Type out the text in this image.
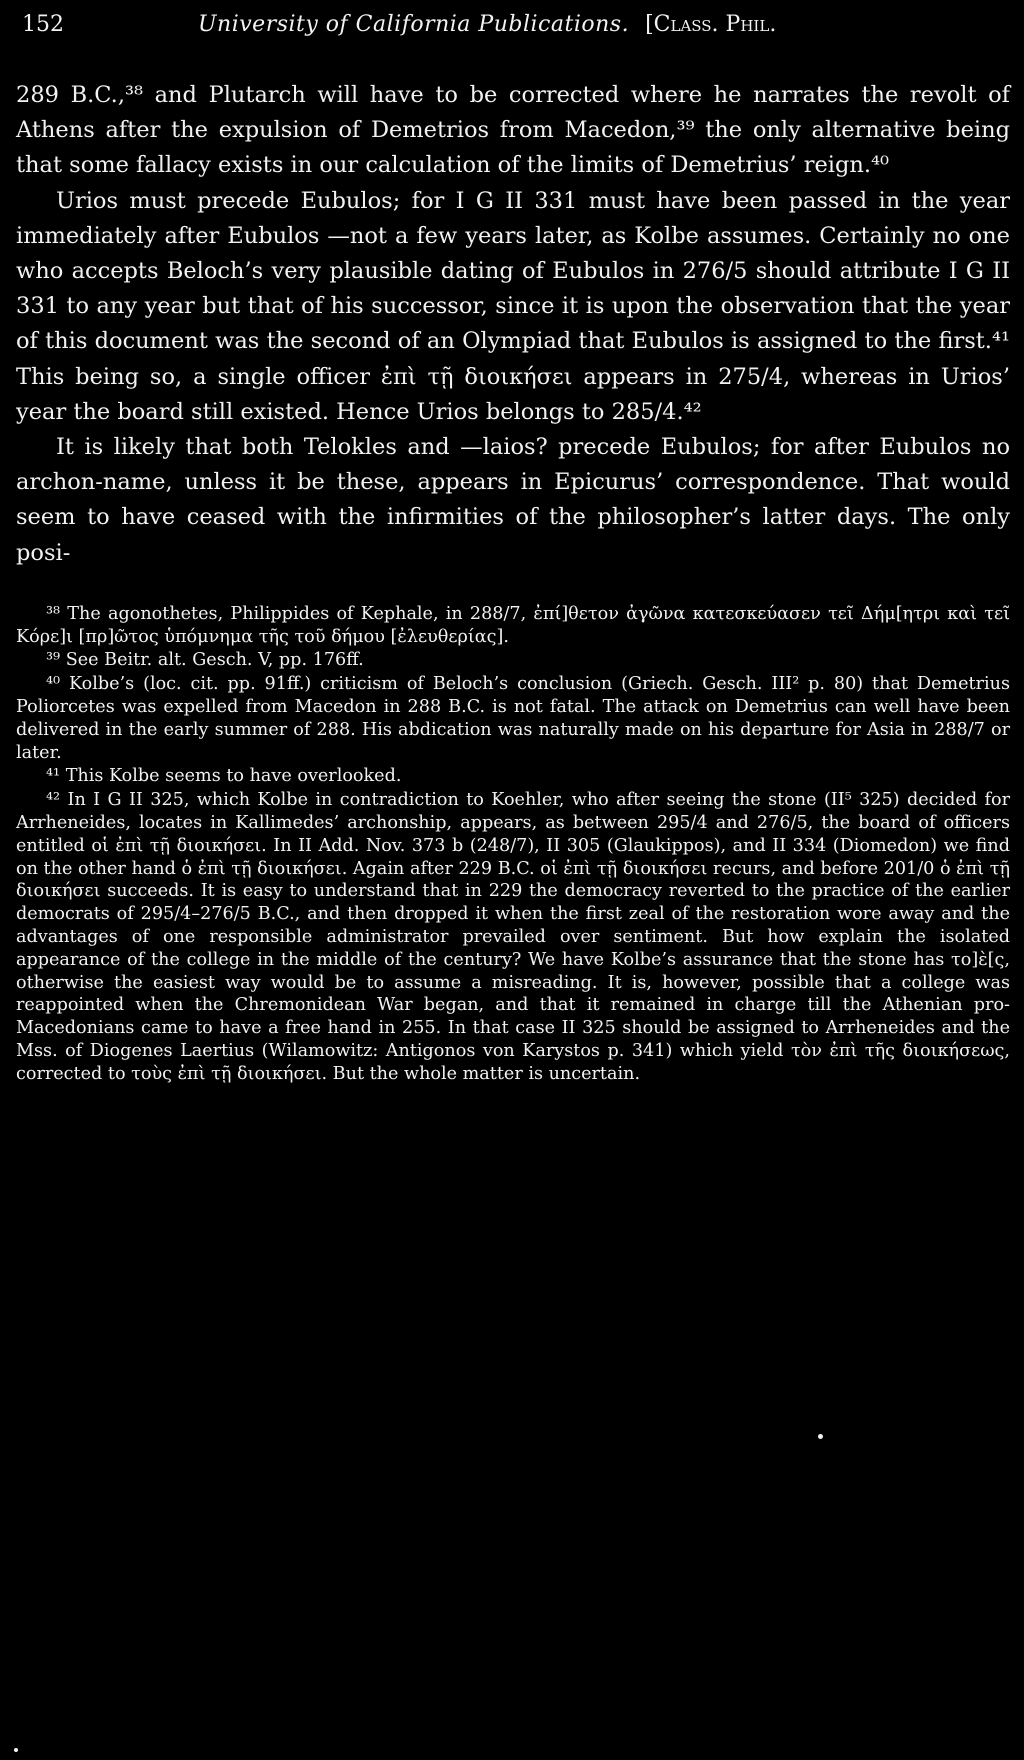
152	University of California Publications. [Class. Phil.

289 B.C.,³⁸ and Plutarch will have to be corrected where he narrates the revolt of Athens after the expulsion of Demetrios from Macedon,³⁹ the only alternative being that some fallacy exists in our calculation of the limits of Demetrius’ reign.⁴⁰

Urios must precede Eubulos; for I G II 331 must have been passed in the year immediately after Eubulos —not a few years later, as Kolbe assumes. Certainly no one who accepts Beloch’s very plausible dating of Eubulos in 276/5 should attribute I G II 331 to any year but that of his successor, since it is upon the observation that the year of this document was the second of an Olympiad that Eubulos is assigned to the first.⁴¹ This being so, a single officer ἐπὶ τῇ διοικήσει appears in 275/4, whereas in Urios’ year the board still existed. Hence Urios belongs to 285/4.⁴²

It is likely that both Telokles and —laios? precede Eubulos; for after Eubulos no archon-name, unless it be these, appears in Epicurus’ correspondence. That would seem to have ceased with the infirmities of the philosopher’s latter days. The only posi-

³⁸ The agonothetes, Philippides of Kephale, in 288/7, ἐπί]θετον ἀγῶνα κατεσκεύασεν τεῖ Δήμ[ητρι καὶ τεῖ Κόρε]ι [πρ]ῶτος ὑπόμνημα τῆς τοῦ δήμου [ἐλευθερίας].

³⁹ See Beitr. alt. Gesch. V, pp. 176ff.

⁴⁰ Kolbe’s (loc. cit. pp. 91ff.) criticism of Beloch’s conclusion (Griech. Gesch. III² p. 80) that Demetrius Poliorcetes was expelled from Macedon in 288 B.C. is not fatal. The attack on Demetrius can well have been delivered in the early summer of 288. His abdication was naturally made on his departure for Asia in 288/7 or later.

⁴¹ This Kolbe seems to have overlooked.

⁴² In I G II 325, which Kolbe in contradiction to Koehler, who after seeing the stone (II⁵ 325) decided for Arrheneides, locates in Kallimedes’ archonship, appears, as between 295/4 and 276/5, the board of officers entitled οἱ ἐπὶ τῇ διοικήσει. In II Add. Nov. 373 b (248/7), II 305 (Glaukippos), and II 334 (Diomedon) we find on the other hand ὁ ἐπὶ τῇ διοικήσει. Again after 229 B.C. οἱ ἐπὶ τῇ διοικήσει recurs, and before 201/0 ὁ ἐπὶ τῇ διοικήσει succeeds. It is easy to understand that in 229 the democracy reverted to the practice of the earlier democrats of 295/4–276/5 B.C., and then dropped it when the first zeal of the restoration wore away and the advantages of one responsible administrator prevailed over sentiment. But how explain the isolated appearance of the college in the middle of the century? We have Kolbe’s assurance that the stone has το]ὲ[ς, otherwise the easiest way would be to assume a misreading. It is, however, possible that a college was reappointed when the Chremonidean War began, and that it remained in charge till the Athenian pro-Macedonians came to have a free hand in 255. In that case II 325 should be assigned to Arrheneides and the Mss. of Diogenes Laertius (Wilamowitz: Antigonos von Karystos p. 341) which yield τὸν ἐπὶ τῆς διοικήσεως, corrected to τοὺς ἐπὶ τῇ διοικήσει. But the whole matter is uncertain.
